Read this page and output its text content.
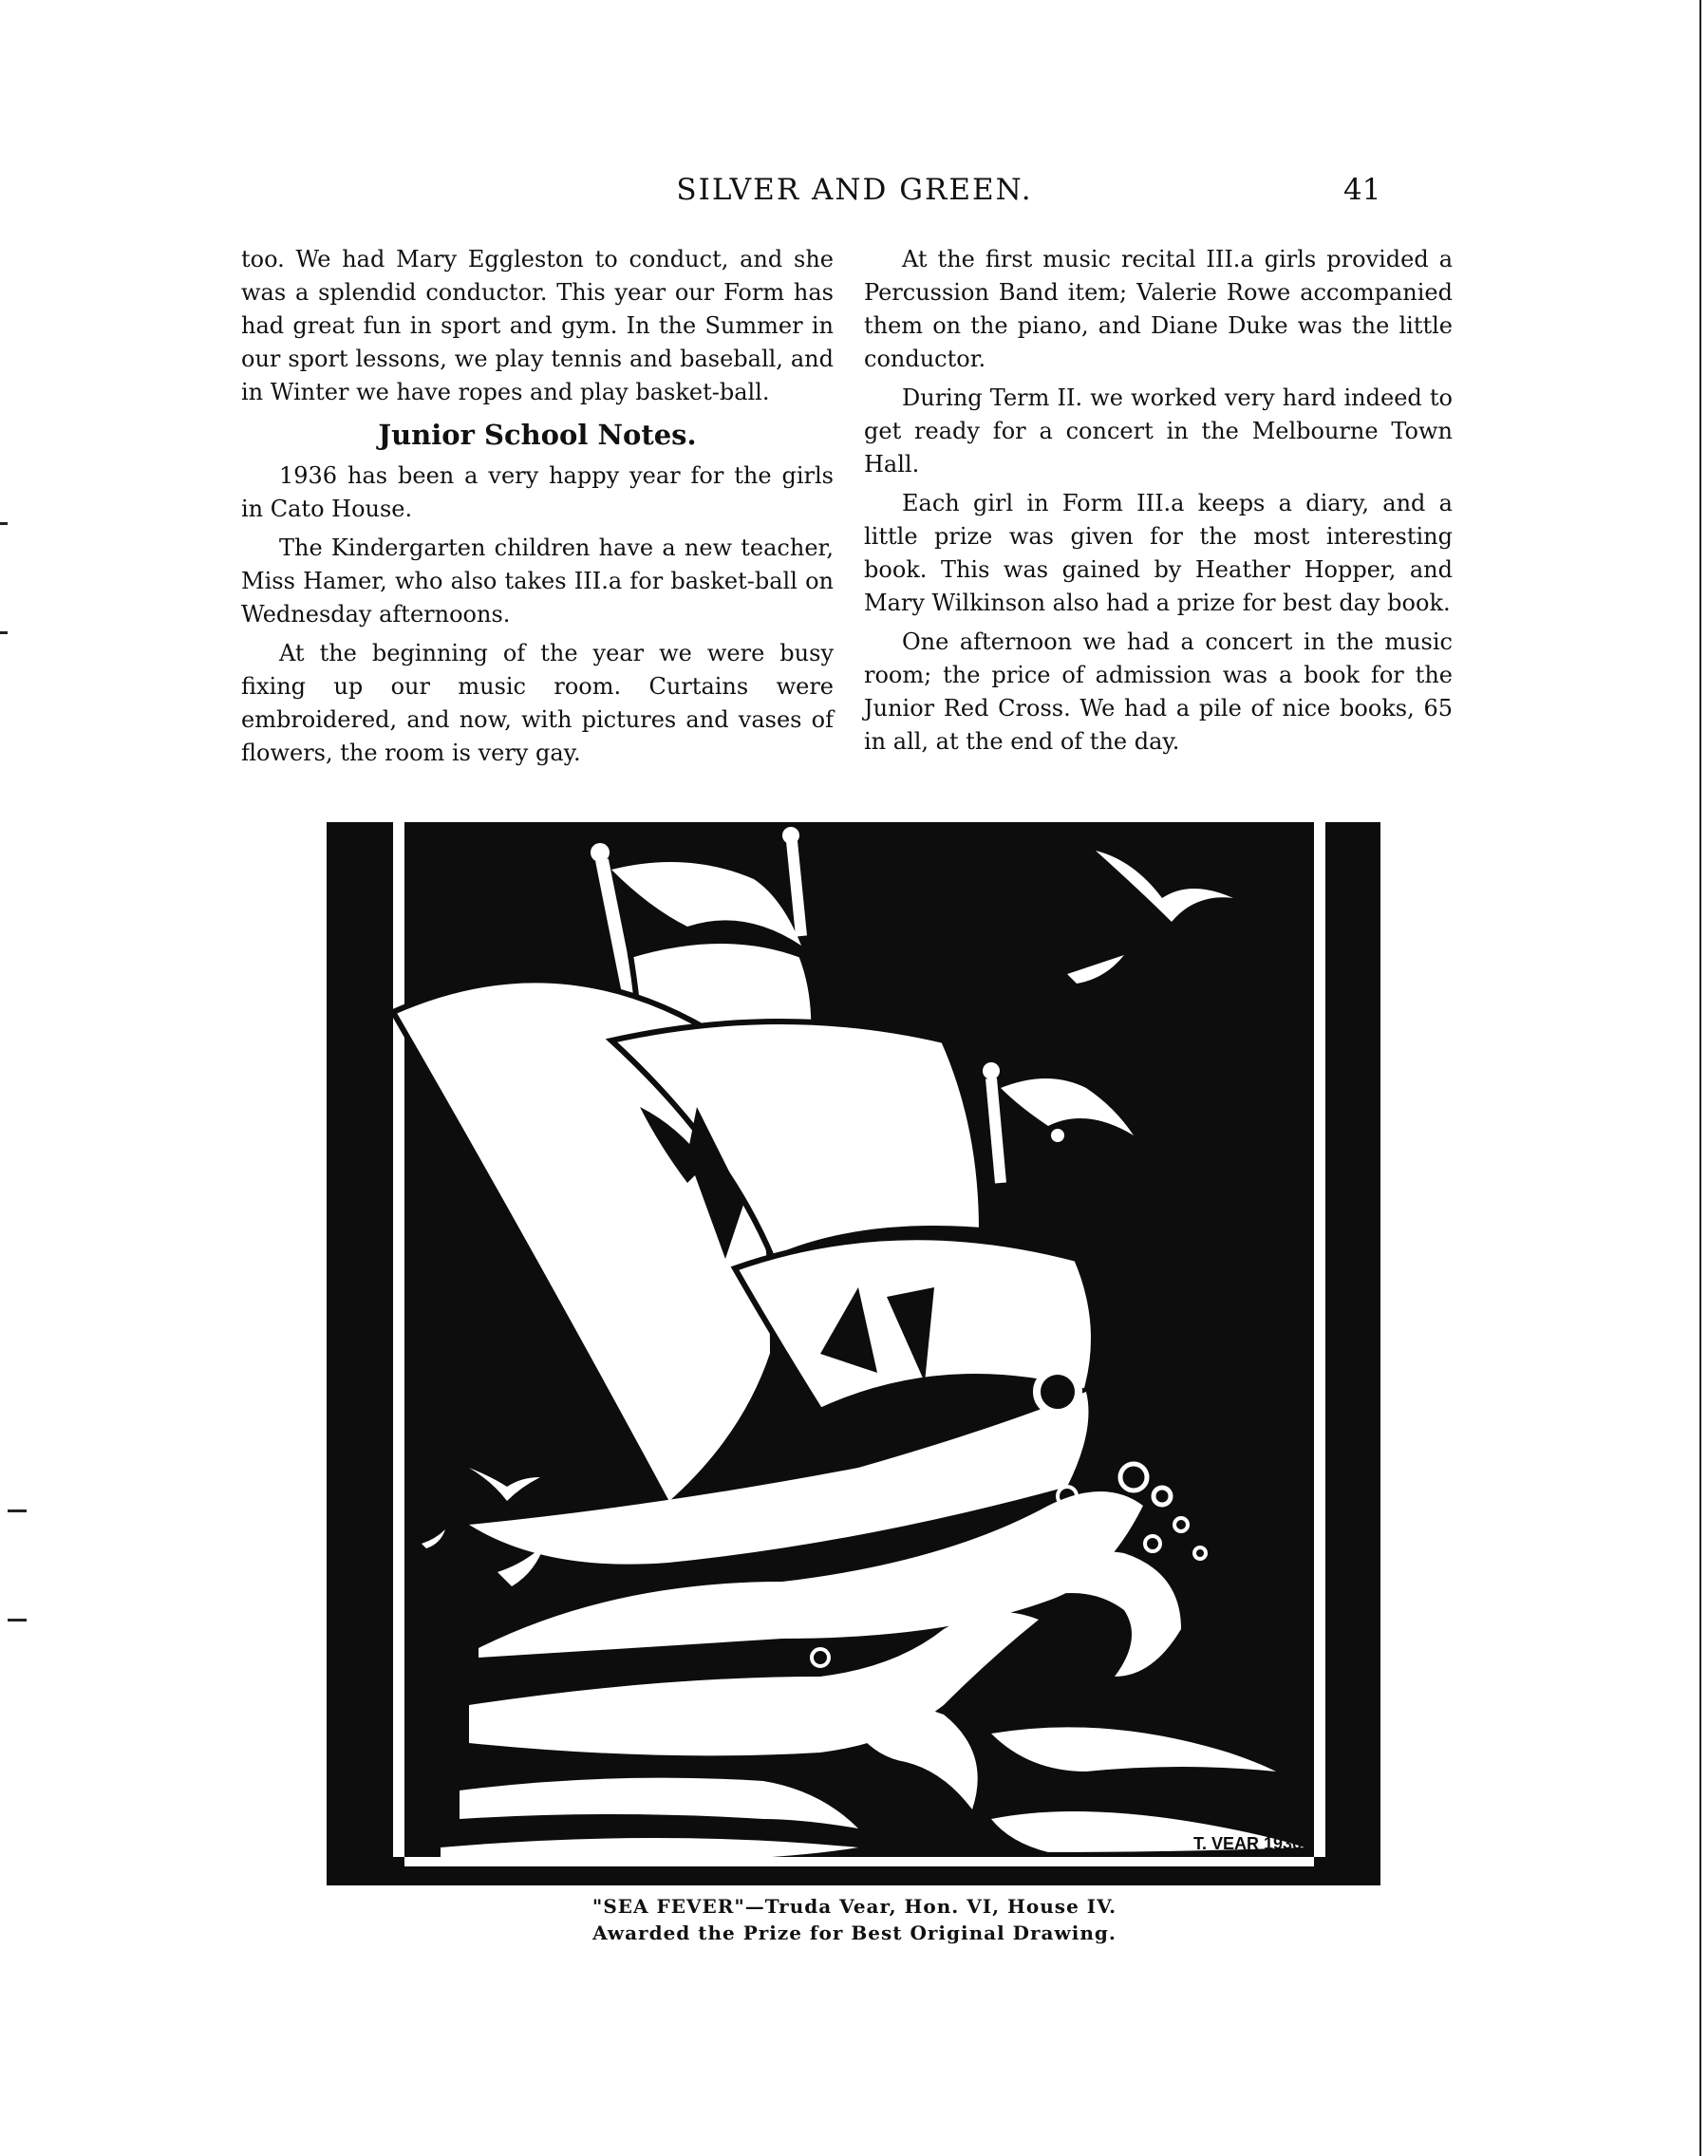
SILVER AND GREEN.	41

too. We had Mary Eggleston to conduct, and she was a splendid conductor. This year our Form has had great fun in sport and gym. In the Summer in our sport lessons, we play tennis and baseball, and in Winter we have ropes and play basket-ball.

Junior School Notes.

1936 has been a very happy year for the girls in Cato House.

The Kindergarten children have a new teacher, Miss Hamer, who also takes III.a for basket-ball on Wednesday afternoons.

At the beginning of the year we were busy fixing up our music room. Curtains were embroidered, and now, with pictures and vases of flowers, the room is very gay.

At the first music recital III.a girls provided a Percussion Band item; Valerie Rowe accompanied them on the piano, and Diane Duke was the little conductor.

During Term II. we worked very hard indeed to get ready for a concert in the Melbourne Town Hall.

Each girl in Form III.a keeps a diary, and a little prize was given for the most interesting book. This was gained by Heather Hopper, and Mary Wilkinson also had a prize for best day book.

One afternoon we had a concert in the music room; the price of admission was a book for the Junior Red Cross. We had a pile of nice books, 65 in all, at the end of the day.

T. VEAR 1936
"SEA FEVER"—Truda Vear, Hon. VI, House IV.
Awarded the Prize for Best Original Drawing.
